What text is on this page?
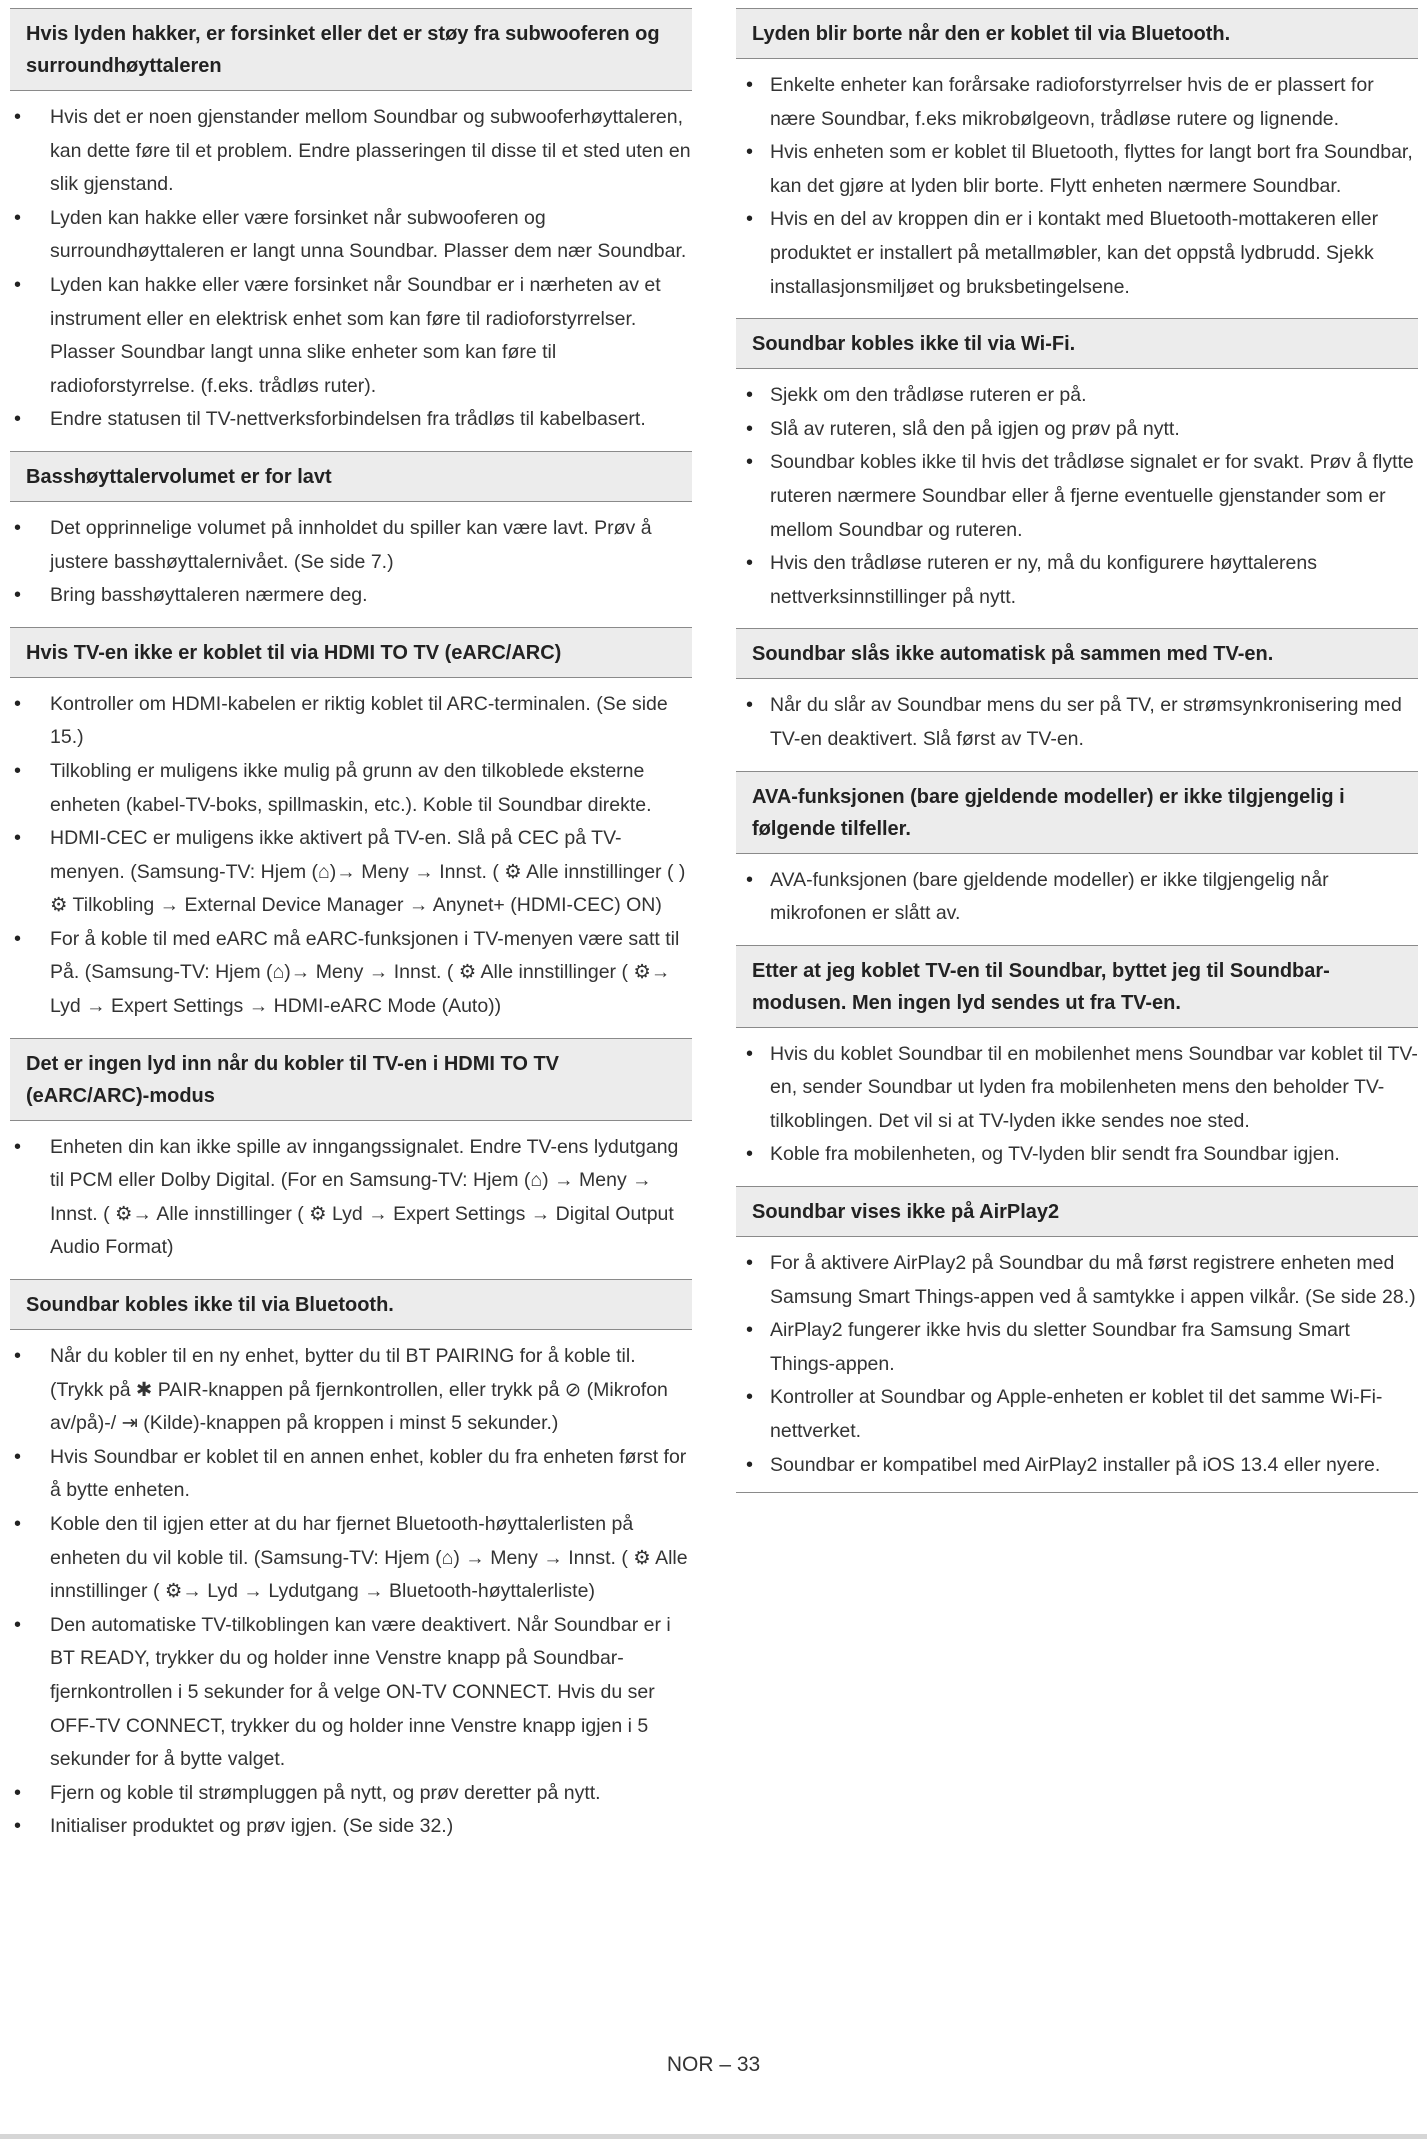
Hvis lyden hakker, er forsinket eller det er støy fra subwooferen og surroundhøyttaleren
• Hvis det er noen gjenstander mellom Soundbar og subwooferhøyttaleren, kan dette føre til et problem. Endre plasseringen til disse til et sted uten en slik gjenstand.
• Lyden kan hakke eller være forsinket når subwooferen og surroundhøyttaleren er langt unna Soundbar. Plasser dem nær Soundbar.
• Lyden kan hakke eller være forsinket når Soundbar er i nærheten av et instrument eller en elektrisk enhet som kan føre til radioforstyrrelser. Plasser Soundbar langt unna slike enheter som kan føre til radioforstyrrelse. (f.eks. trådløs ruter).
• Endre statusen til TV-nettverksforbindelsen fra trådløs til kabelbasert.
Basshøyttalervolumet er for lavt
• Det opprinnelige volumet på innholdet du spiller kan være lavt. Prøv å justere basshøyttalernivået. (Se side 7.)
• Bring basshøyttaleren nærmere deg.
Hvis TV-en ikke er koblet til via HDMI TO TV (eARC/ARC)
• Kontroller om HDMI-kabelen er riktig koblet til ARC-terminalen. (Se side 15.)
• Tilkobling er muligens ikke mulig på grunn av den tilkoblede eksterne enheten (kabel-TV-boks, spillmaskin, etc.). Koble til Soundbar direkte.
• HDMI-CEC er muligens ikke aktivert på TV-en. Slå på CEC på TV-menyen. (Samsung-TV: Hjem (⌂)→ Meny → Innst. ( ⚙ Alle innstillinger ( ) ⚙ Tilkobling → External Device Manager → Anynet+ (HDMI-CEC) ON)
• For å koble til med eARC må eARC-funksjonen i TV-menyen være satt til På. (Samsung-TV: Hjem (⌂)→ Meny → Innst. ( ⚙ Alle innstillinger ( ⚙→ Lyd → Expert Settings → HDMI-eARC Mode (Auto))
Det er ingen lyd inn når du kobler til TV-en i HDMI TO TV (eARC/ARC)-modus
• Enheten din kan ikke spille av inngangssignalet. Endre TV-ens lydutgang til PCM eller Dolby Digital. (For en Samsung-TV: Hjem (⌂) → Meny → Innst. ( ⚙→ Alle innstillinger ( ⚙ Lyd → Expert Settings → Digital Output Audio Format)
Soundbar kobles ikke til via Bluetooth.
• Når du kobler til en ny enhet, bytter du til BT PAIRING for å koble til. (Trykk på ✱ PAIR-knappen på fjernkontrollen, eller trykk på ⊘ (Mikrofon av/på)-/ ⇥ (Kilde)-knappen på kroppen i minst 5 sekunder.)
• Hvis Soundbar er koblet til en annen enhet, kobler du fra enheten først for å bytte enheten.
• Koble den til igjen etter at du har fjernet Bluetooth-høyttalerlisten på enheten du vil koble til. (Samsung-TV: Hjem (⌂) → Meny → Innst. ( ⚙ Alle innstillinger ( ⚙→ Lyd → Lydutgang → Bluetooth-høyttalerliste)
• Den automatiske TV-tilkoblingen kan være deaktivert. Når Soundbar er i BT READY, trykker du og holder inne Venstre knapp på Soundbar-fjernkontrollen i 5 sekunder for å velge ON-TV CONNECT. Hvis du ser OFF-TV CONNECT, trykker du og holder inne Venstre knapp igjen i 5 sekunder for å bytte valget.
• Fjern og koble til strømpluggen på nytt, og prøv deretter på nytt.
• Initialiser produktet og prøv igjen. (Se side 32.)
Lyden blir borte når den er koblet til via Bluetooth.
• Enkelte enheter kan forårsake radioforstyrrelser hvis de er plassert for nære Soundbar, f.eks mikrobølgeovn, trådløse rutere og lignende.
• Hvis enheten som er koblet til Bluetooth, flyttes for langt bort fra Soundbar, kan det gjøre at lyden blir borte. Flytt enheten nærmere Soundbar.
• Hvis en del av kroppen din er i kontakt med Bluetooth-mottakeren eller produktet er installert på metallmøbler, kan det oppstå lydbrudd. Sjekk installasjonsmiljøet og bruksbetingelsene.
Soundbar kobles ikke til via Wi-Fi.
• Sjekk om den trådløse ruteren er på.
• Slå av ruteren, slå den på igjen og prøv på nytt.
• Soundbar kobles ikke til hvis det trådløse signalet er for svakt. Prøv å flytte ruteren nærmere Soundbar eller å fjerne eventuelle gjenstander som er mellom Soundbar og ruteren.
• Hvis den trådløse ruteren er ny, må du konfigurere høyttalerens nettverksinnstillinger på nytt.
Soundbar slås ikke automatisk på sammen med TV-en.
• Når du slår av Soundbar mens du ser på TV, er strømsynkronisering med TV-en deaktivert. Slå først av TV-en.
AVA-funksjonen (bare gjeldende modeller) er ikke tilgjengelig i følgende tilfeller.
• AVA-funksjonen (bare gjeldende modeller) er ikke tilgjengelig når mikrofonen er slått av.
Etter at jeg koblet TV-en til Soundbar, byttet jeg til Soundbar-modusen. Men ingen lyd sendes ut fra TV-en.
• Hvis du koblet Soundbar til en mobilenhet mens Soundbar var koblet til TV-en, sender Soundbar ut lyden fra mobilenheten mens den beholder TV-tilkoblingen. Det vil si at TV-lyden ikke sendes noe sted.
• Koble fra mobilenheten, og TV-lyden blir sendt fra Soundbar igjen.
Soundbar vises ikke på AirPlay2
• For å aktivere AirPlay2 på Soundbar du må først registrere enheten med Samsung Smart Things-appen ved å samtykke i appen vilkår. (Se side 28.)
• AirPlay2 fungerer ikke hvis du sletter Soundbar fra Samsung Smart Things-appen.
• Kontroller at Soundbar og Apple-enheten er koblet til det samme Wi-Fi-nettverket.
• Soundbar er kompatibel med AirPlay2 installer på iOS 13.4 eller nyere.
NOR – 33
